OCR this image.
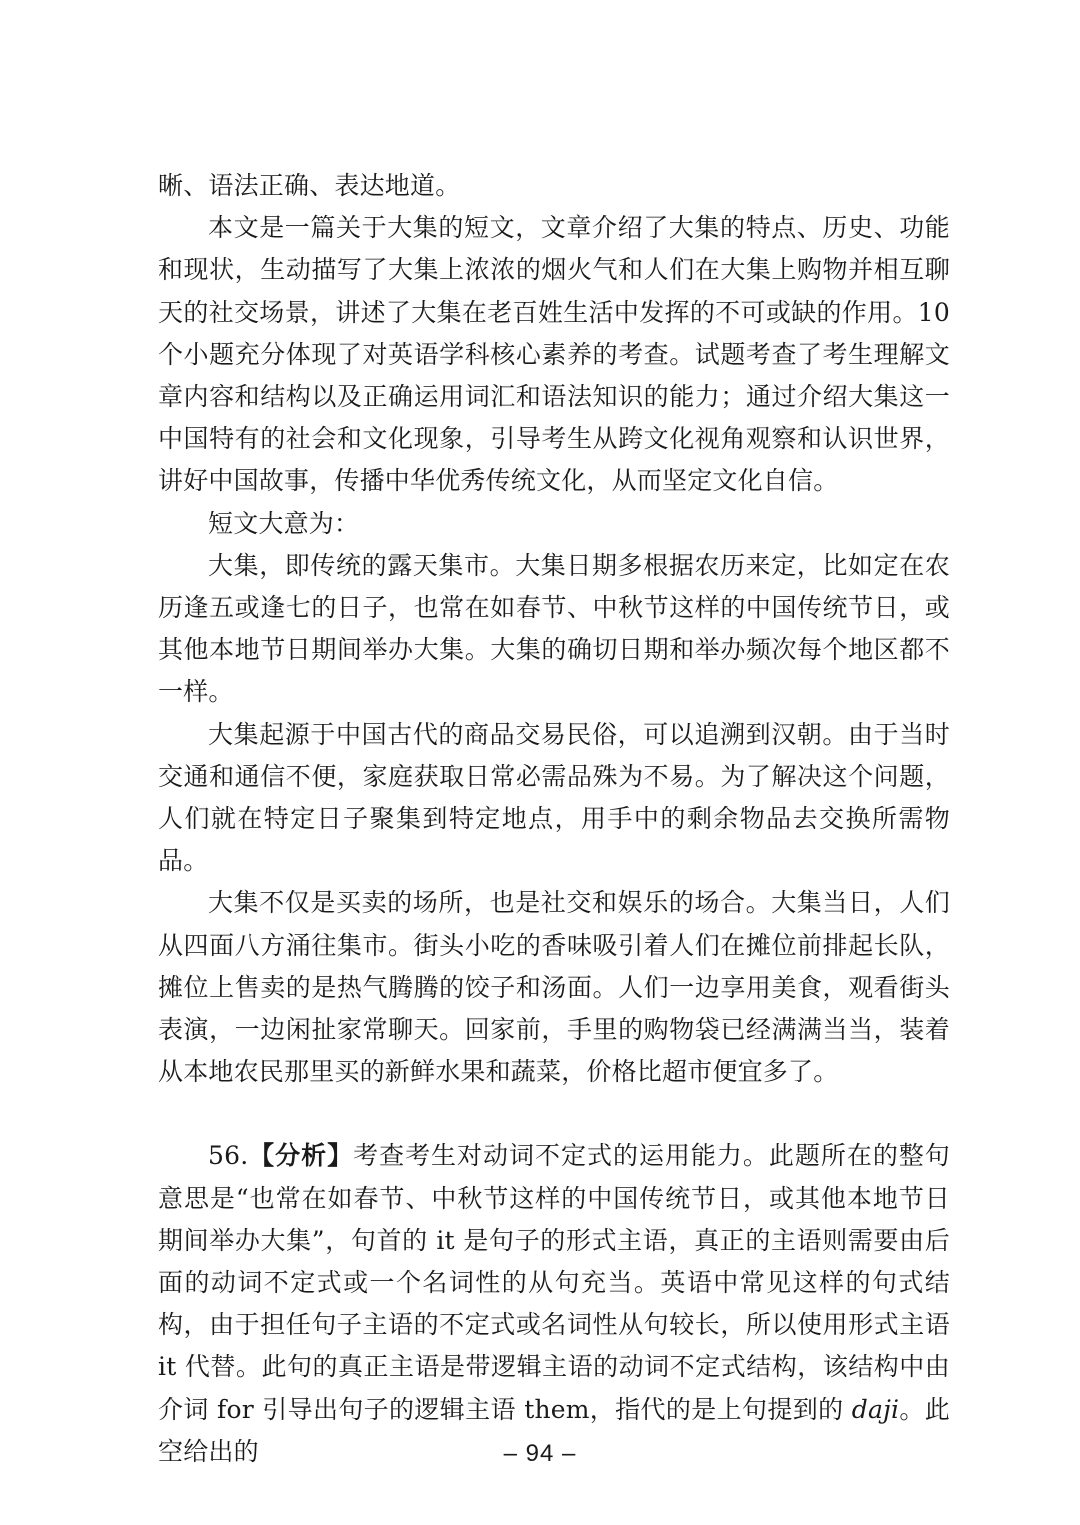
晰、语法正确、表达地道。

本文是一篇关于大集的短文，文章介绍了大集的特点、历史、功能和现状，生动描写了大集上浓浓的烟火气和人们在大集上购物并相互聊天的社交场景，讲述了大集在老百姓生活中发挥的不可或缺的作用。10个小题充分体现了对英语学科核心素养的考查。试题考查了考生理解文章内容和结构以及正确运用词汇和语法知识的能力；通过介绍大集这一中国特有的社会和文化现象，引导考生从跨文化视角观察和认识世界，讲好中国故事，传播中华优秀传统文化，从而坚定文化自信。

短文大意为：

大集，即传统的露天集市。大集日期多根据农历来定，比如定在农历逢五或逢七的日子，也常在如春节、中秋节这样的中国传统节日，或其他本地节日期间举办大集。大集的确切日期和举办频次每个地区都不一样。

大集起源于中国古代的商品交易民俗，可以追溯到汉朝。由于当时交通和通信不便，家庭获取日常必需品殊为不易。为了解决这个问题，人们就在特定日子聚集到特定地点，用手中的剩余物品去交换所需物品。

大集不仅是买卖的场所，也是社交和娱乐的场合。大集当日，人们从四面八方涌往集市。街头小吃的香味吸引着人们在摊位前排起长队，摊位上售卖的是热气腾腾的饺子和汤面。人们一边享用美食，观看街头表演，一边闲扯家常聊天。回家前，手里的购物袋已经满满当当，装着从本地农民那里买的新鲜水果和蔬菜，价格比超市便宜多了。

56.【分析】考查考生对动词不定式的运用能力。此题所在的整句意思是“也常在如春节、中秋节这样的中国传统节日，或其他本地节日期间举办大集”，句首的 it 是句子的形式主语，真正的主语则需要由后面的动词不定式或一个名词性的从句充当。英语中常见这样的句式结构，由于担任句子主语的不定式或名词性从句较长，所以使用形式主语 it 代替。此句的真正主语是带逻辑主语的动词不定式结构，该结构中由介词 for 引导出句子的逻辑主语 them，指代的是上句提到的 daji。此空给出的	– 94 –
